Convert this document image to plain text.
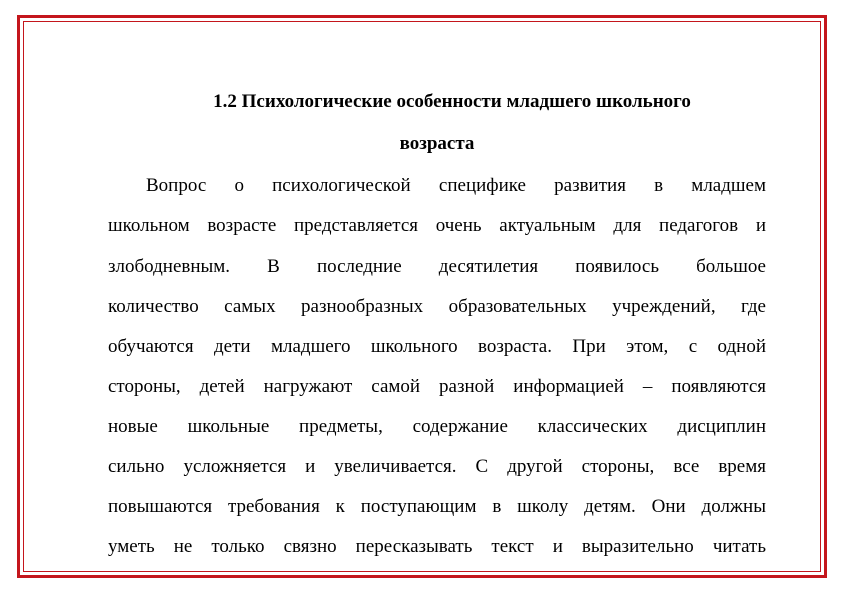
1.2 Психологические особенности младшего школьного
возраста
Вопрос о психологической специфике развития в младшем
школьном возрасте представляется очень актуальным для педагогов и
злободневным. В последние десятилетия появилось большое
количество самых разнообразных образовательных учреждений, где
обучаются дети младшего школьного возраста. При этом, с одной
стороны, детей нагружают самой разной информацией – появляются
новые школьные предметы, содержание классических дисциплин
сильно усложняется и увеличивается. С другой стороны, все время
повышаются требования к поступающим в школу детям. Они должны
уметь не только связно пересказывать текст и выразительно читать
